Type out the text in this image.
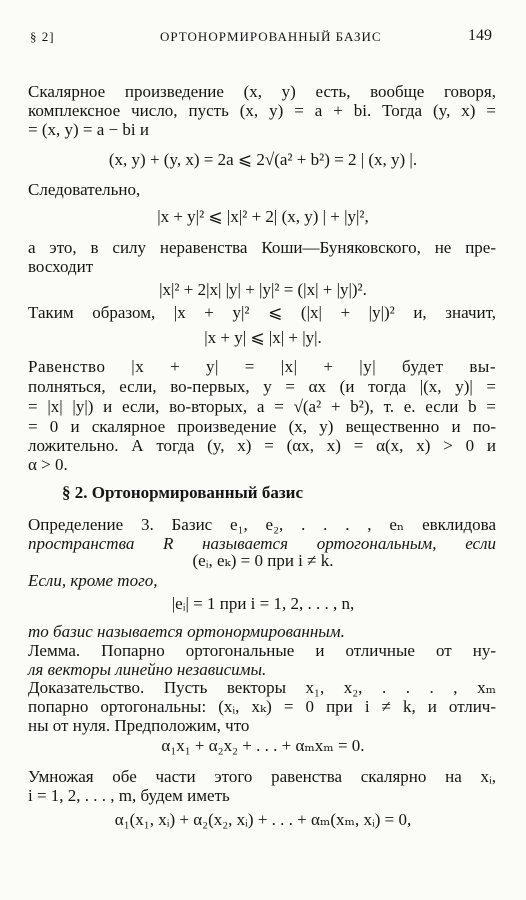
§ 2]	ОРТОНОРМИРОВАННЫЙ БАЗИС	149
Скалярное произведение (x, y) есть, вообще говоря,
комплексное число, пусть (x, y) = a + bi. Тогда (y, x) =
= (x, y) = a − bi и
(x, y) + (y, x) = 2a ⩽ 2√(a² + b²) = 2 | (x, y) |.
Следовательно,
|x + y|² ⩽ |x|² + 2| (x, y) | + |y|²,
а это, в силу неравенства Коши—Буняковского, не пре-
восходит
|x|² + 2|x| |y| + |y|² = (|x| + |y|)².
Таким образом, |x + y|² ⩽ (|x| + |y|)² и, значит,
|x + y| ⩽ |x| + |y|.
Равенство |x + y| = |x| + |y| будет вы-
полняться, если, во-первых, y = αx (и тогда |(x, y)| =
= |x| |y|) и если, во-вторых, a = √(a² + b²), т. е. если b =
= 0 и скалярное произведение (x, y) вещественно и по-
ложительно. А тогда (y, x) = (αx, x) = α(x, x) > 0 и
α > 0.
§ 2. Ортонормированный базис
Определение 3. Базис e₁, e₂, . . . , eₙ евклидова
пространства R называется ортогональным, если
(eᵢ, eₖ) = 0 при i ≠ k.
Если, кроме того,
|eᵢ| = 1 при i = 1, 2, . . . , n,
то базис называется ортонормированным.
Лемма. Попарно ортогональные и отличные от ну-
ля векторы линейно независимы.
Доказательство. Пусть векторы x₁, x₂, . . . , xₘ
попарно ортогональны: (xᵢ, xₖ) = 0 при i ≠ k, и отлич-
ны от нуля. Предположим, что
α₁x₁ + α₂x₂ + . . . + αₘxₘ = 0.
Умножая обе части этого равенства скалярно на xᵢ,
i = 1, 2, . . . , m, будем иметь
α₁(x₁, xᵢ) + α₂(x₂, xᵢ) + . . . + αₘ(xₘ, xᵢ) = 0,
